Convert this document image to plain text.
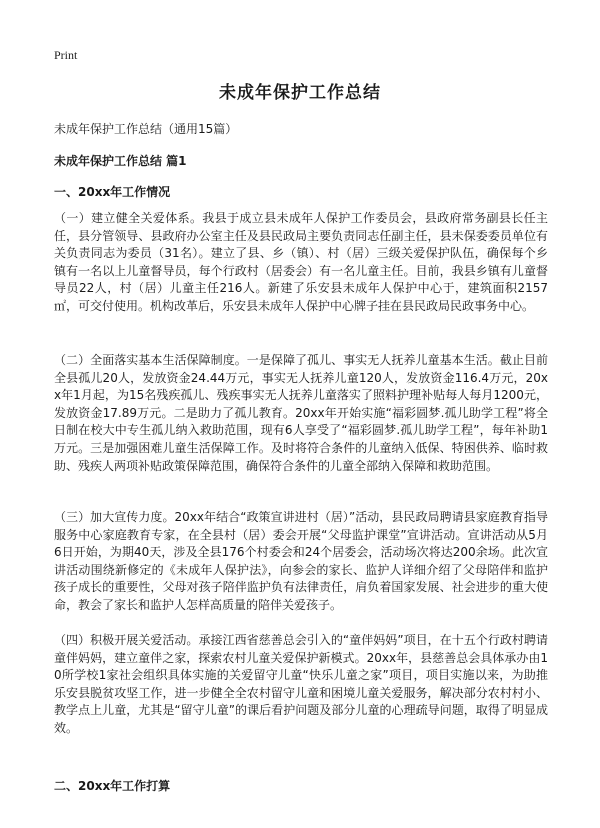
Print
未成年保护工作总结
未成年保护工作总结（通用15篇）
未成年保护工作总结 篇1
一、20xx年工作情况
（一）建立健全关爱体系。我县于成立县未成年人保护工作委员会，县政府常务副县长任主任，县分管领导、县政府办公室主任及县民政局主要负责同志任副主任，县未保委委员单位有关负责同志为委员（31名）。建立了县、乡（镇）、村（居）三级关爱保护队伍，确保每个乡镇有一名以上儿童督导员，每个行政村（居委会）有一名儿童主任。目前，我县乡镇有儿童督导员22人，村（居）儿童主任216人。新建了乐安县未成年人保护中心于，建筑面积2157㎡，可交付使用。机构改革后，乐安县未成年人保护中心牌子挂在县民政局民政事务中心。
（二）全面落实基本生活保障制度。一是保障了孤儿、事实无人抚养儿童基本生活。截止目前全县孤儿20人，发放资金24.44万元，事实无人抚养儿童120人，发放资金116.4万元，20xx年1月起，为15名残疾孤儿、残疾事实无人抚养儿童落实了照料护理补贴每人每月1200元，发放资金17.89万元。二是助力了孤儿教育。20xx年开始实施“福彩圆梦.孤儿助学工程”将全日制在校大中专生孤儿纳入救助范围，现有6人享受了“福彩圆梦.孤儿助学工程”，每年补助1万元。三是加强困难儿童生活保障工作。及时将符合条件的儿童纳入低保、特困供养、临时救助、残疾人两项补贴政策保障范围，确保符合条件的儿童全部纳入保障和救助范围。
（三）加大宣传力度。20xx年结合“政策宣讲进村（居）”活动，县民政局聘请县家庭教育指导服务中心家庭教育专家，在全县村（居）委会开展“父母监护课堂”宣讲活动。宣讲活动从5月6日开始，为期40天，涉及全县176个村委会和24个居委会，活动场次将达200余场。此次宣讲活动围绕新修定的《未成年人保护法》，向参会的家长、监护人详细介绍了父母陪伴和监护孩子成长的重要性，父母对孩子陪伴监护负有法律责任，肩负着国家发展、社会进步的重大使命，教会了家长和监护人怎样高质量的陪伴关爱孩子。
（四）积极开展关爱活动。承接江西省慈善总会引入的“童伴妈妈”项目，在十五个行政村聘请童伴妈妈，建立童伴之家，探索农村儿童关爱保护新模式。20xx年，县慈善总会具体承办由10所学校1家社会组织具体实施的关爱留守儿童“快乐儿童之家”项目，项目实施以来，为助推乐安县脱贫攻坚工作，进一步健全全农村留守儿童和困境儿童关爱服务，解决部分农村村小、教学点上儿童，尤其是“留守儿童”的课后看护问题及部分儿童的心理疏导问题，取得了明显成效。
二、20xx年工作打算
